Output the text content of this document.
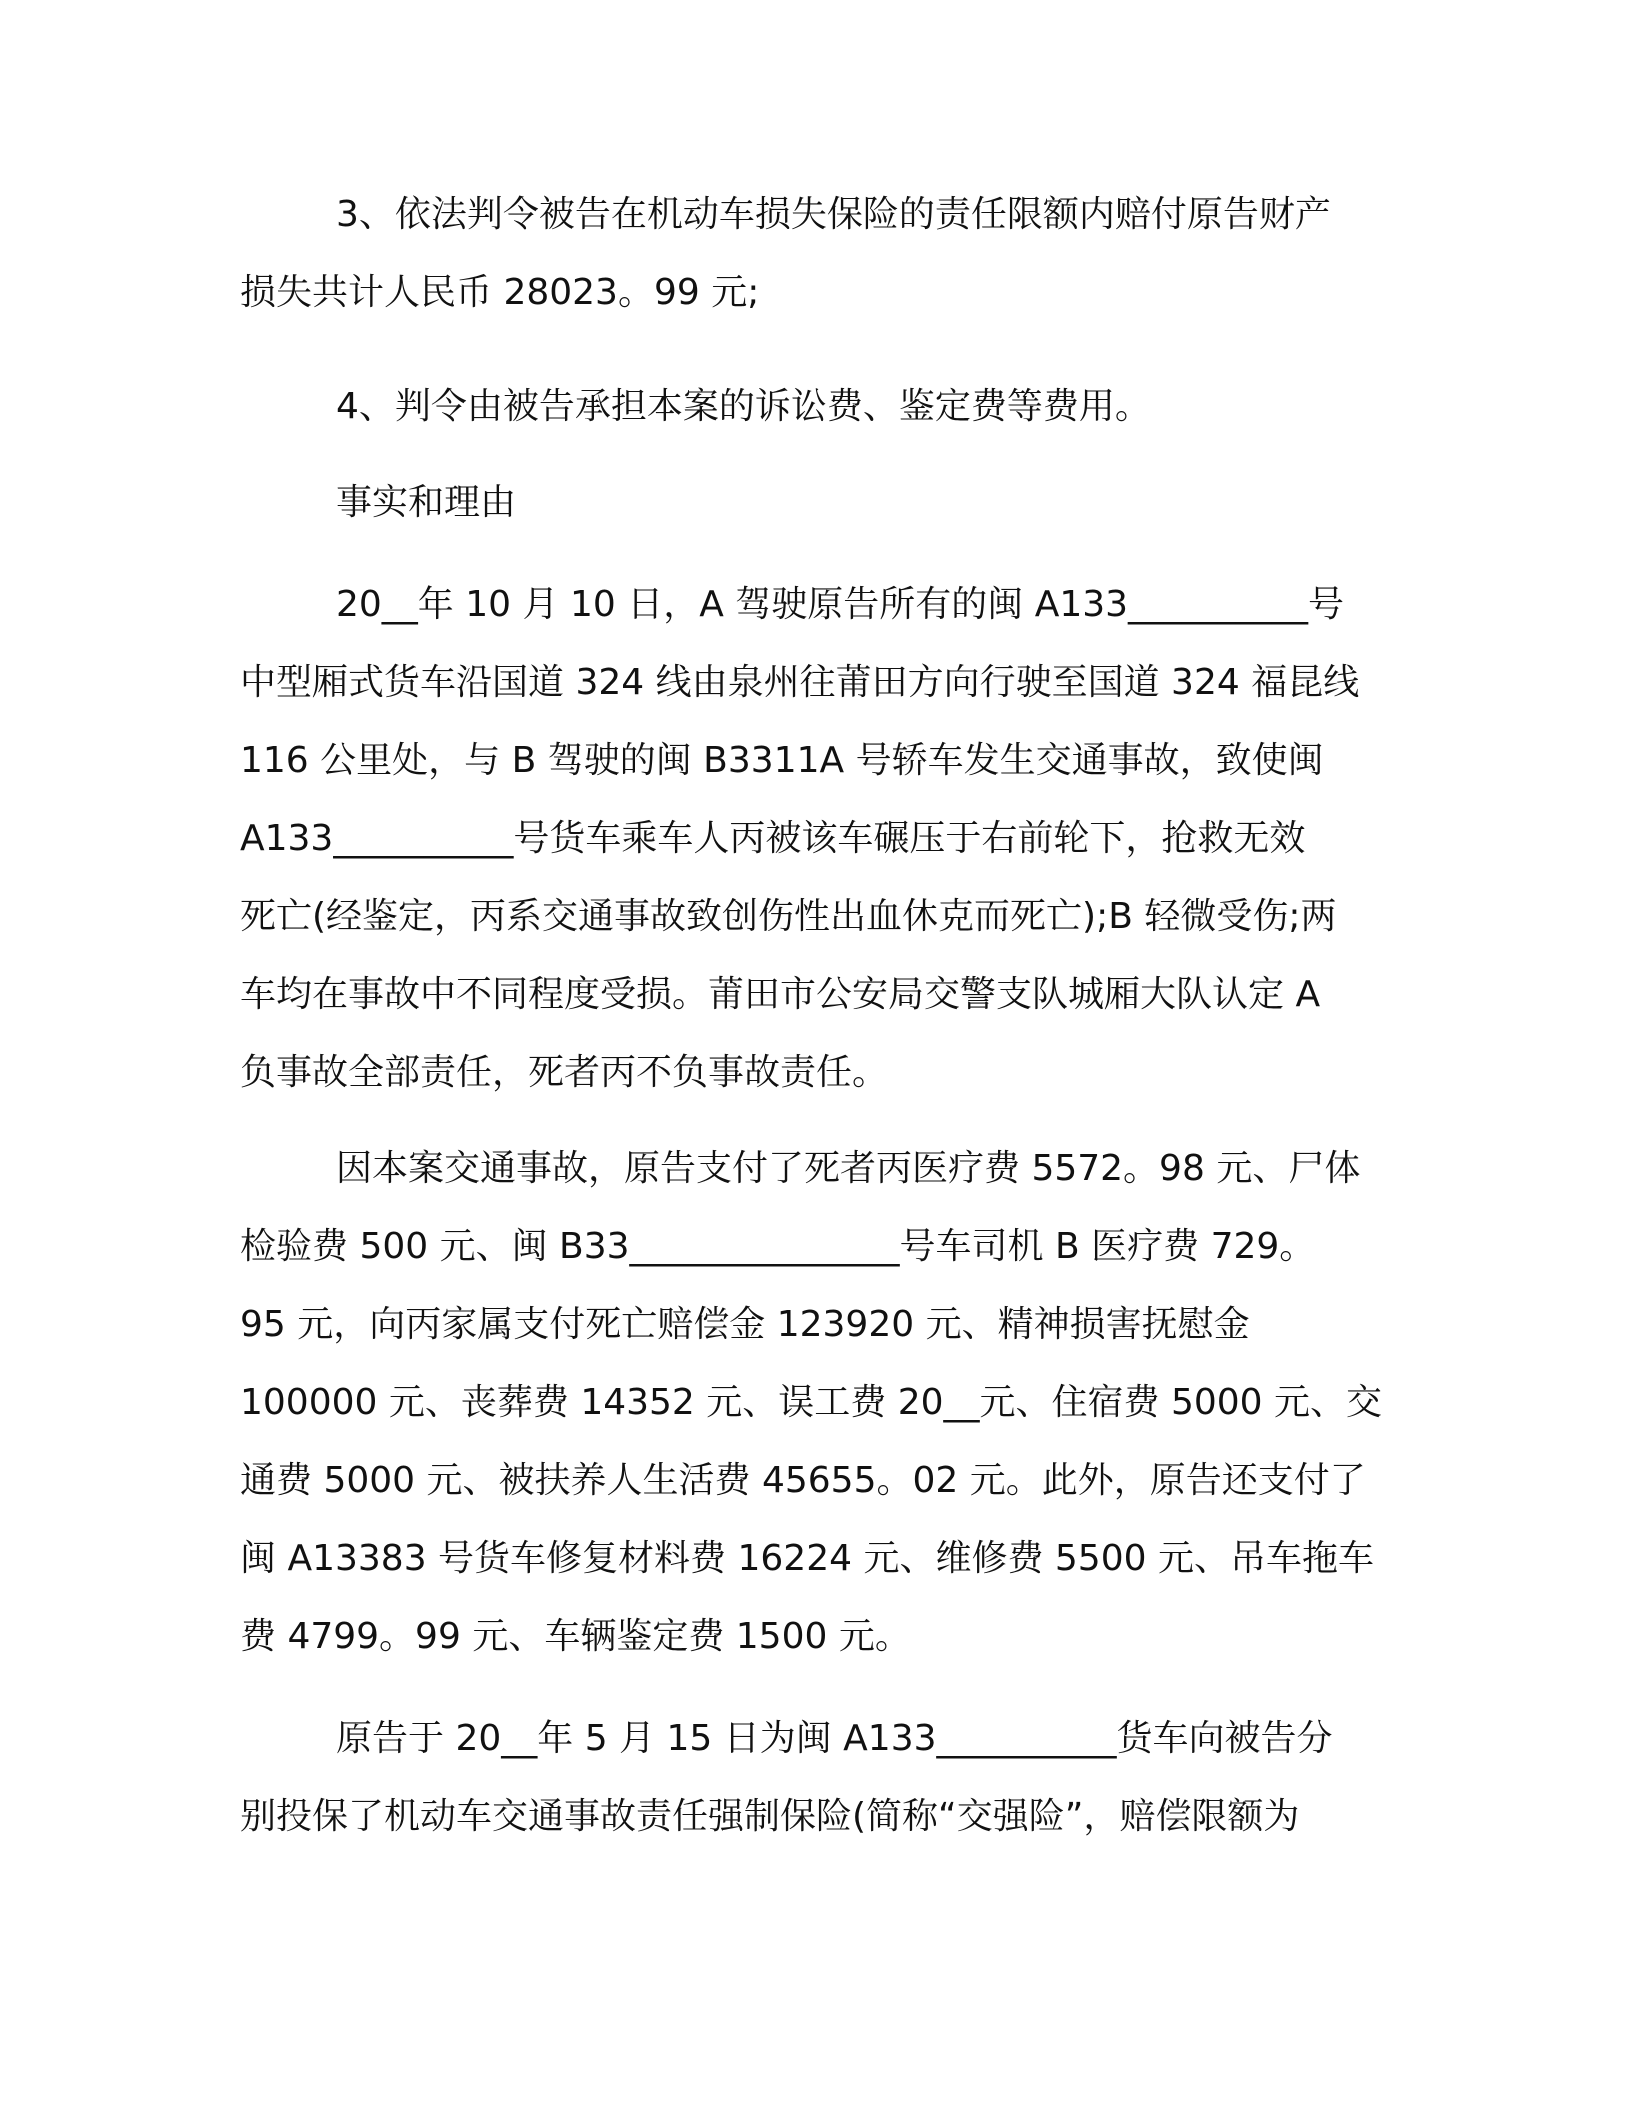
3、依法判令被告在机动车损失保险的责任限额内赔付原告财产
损失共计人民币 28023。99 元;
4、判令由被告承担本案的诉讼费、鉴定费等费用。
事实和理由
20__年 10 月 10 日，A 驾驶原告所有的闽 A133__________号
中型厢式货车沿国道 324 线由泉州往莆田方向行驶至国道 324 福昆线
116 公里处，与 B 驾驶的闽 B3311A 号轿车发生交通事故，致使闽
A133__________号货车乘车人丙被该车碾压于右前轮下，抢救无效
死亡(经鉴定，丙系交通事故致创伤性出血休克而死亡);B 轻微受伤;两
车均在事故中不同程度受损。莆田市公安局交警支队城厢大队认定 A
负事故全部责任，死者丙不负事故责任。
因本案交通事故，原告支付了死者丙医疗费 5572。98 元、尸体
检验费 500 元、闽 B33_______________号车司机 B 医疗费 729。
95 元，向丙家属支付死亡赔偿金 123920 元、精神损害抚慰金
100000 元、丧葬费 14352 元、误工费 20__元、住宿费 5000 元、交
通费 5000 元、被扶养人生活费 45655。02 元。此外，原告还支付了
闽 A13383 号货车修复材料费 16224 元、维修费 5500 元、吊车拖车
费 4799。99 元、车辆鉴定费 1500 元。
原告于 20__年 5 月 15 日为闽 A133__________货车向被告分
别投保了机动车交通事故责任强制保险(简称“交强险”，赔偿限额为
